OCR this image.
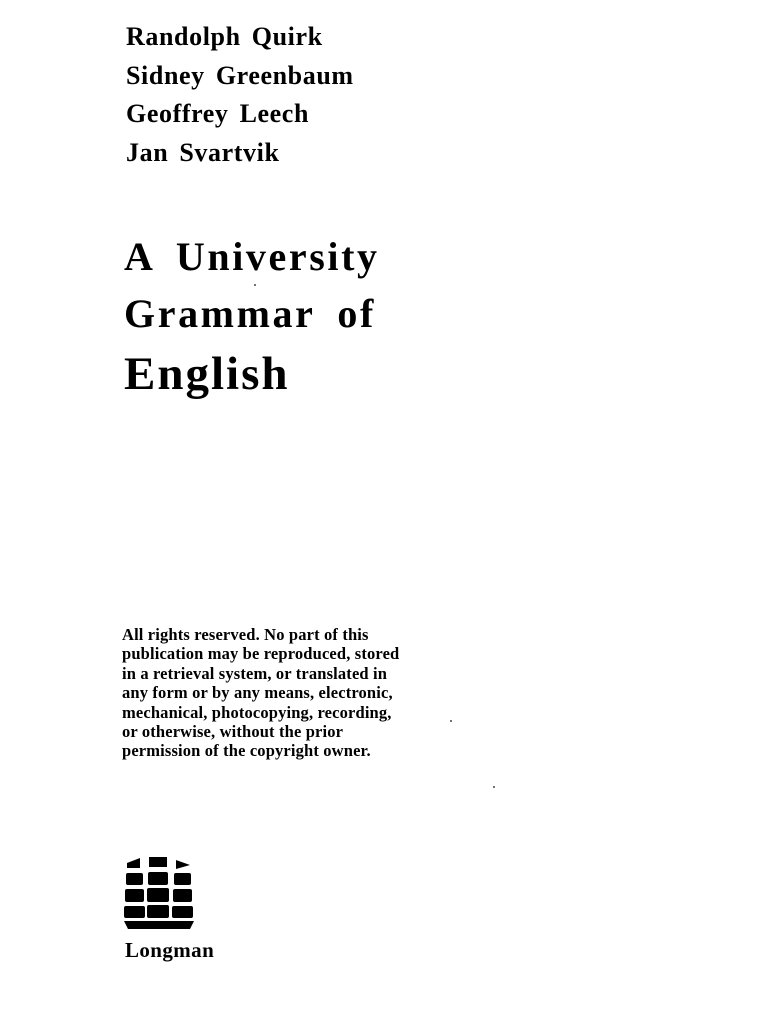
Randolph Quirk
Sidney Greenbaum
Geoffrey Leech
Jan Svartvik
A University
Grammar of
English
All rights reserved. No part of this
publication may be reproduced, stored
in a retrieval system, or translated in
any form or by any means, electronic,
mechanical, photocopying, recording,
or otherwise, without the prior
permission of the copyright owner.
Longman
